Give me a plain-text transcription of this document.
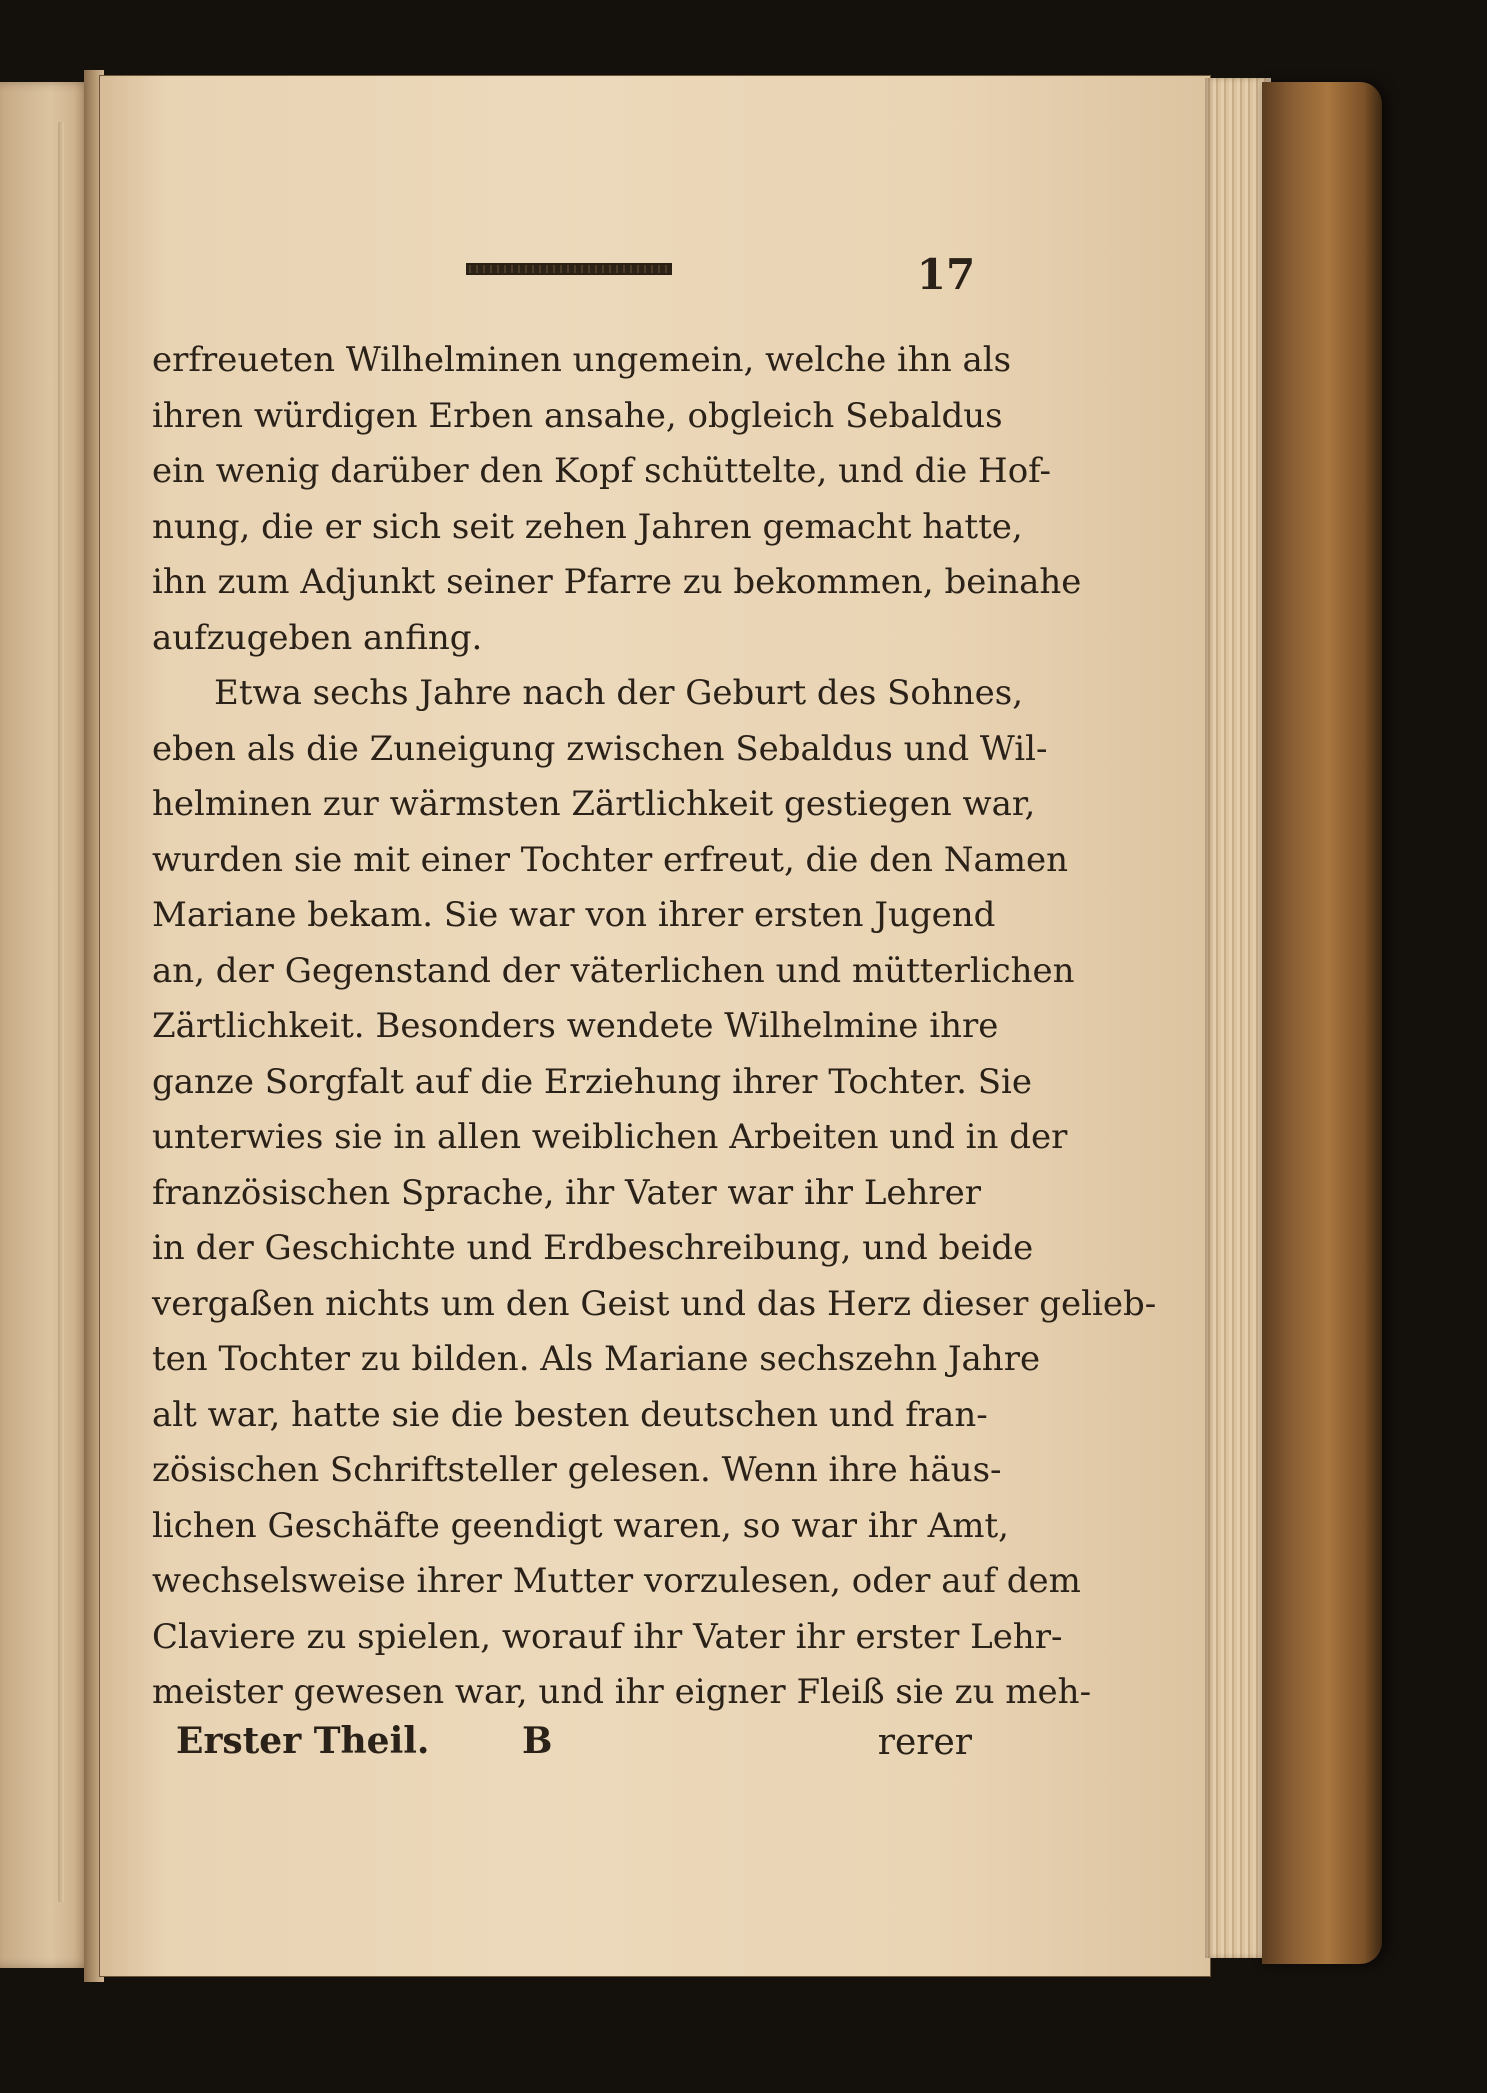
17
erfreueten Wilhelminen ungemein, welche ihn als
ihren würdigen Erben ansahe, obgleich Sebaldus
ein wenig darüber den Kopf schüttelte, und die Hof-
nung, die er sich seit zehen Jahren gemacht hatte,
ihn zum Adjunkt seiner Pfarre zu bekommen, beinahe
aufzugeben anfing.
Etwa sechs Jahre nach der Geburt des Sohnes,
eben als die Zuneigung zwischen Sebaldus und Wil-
helminen zur wärmsten Zärtlichkeit gestiegen war,
wurden sie mit einer Tochter erfreut, die den Namen
Mariane bekam. Sie war von ihrer ersten Jugend
an, der Gegenstand der väterlichen und mütterlichen
Zärtlichkeit. Besonders wendete Wilhelmine ihre
ganze Sorgfalt auf die Erziehung ihrer Tochter. Sie
unterwies sie in allen weiblichen Arbeiten und in der
französischen Sprache, ihr Vater war ihr Lehrer
in der Geschichte und Erdbeschreibung, und beide
vergaßen nichts um den Geist und das Herz dieser gelieb-
ten Tochter zu bilden. Als Mariane sechszehn Jahre
alt war, hatte sie die besten deutschen und fran-
zösischen Schriftsteller gelesen. Wenn ihre häus-
lichen Geschäfte geendigt waren, so war ihr Amt,
wechselsweise ihrer Mutter vorzulesen, oder auf dem
Claviere zu spielen, worauf ihr Vater ihr erster Lehr-
meister gewesen war, und ihr eigner Fleiß sie zu meh-
Erster Theil.	B	rerer
